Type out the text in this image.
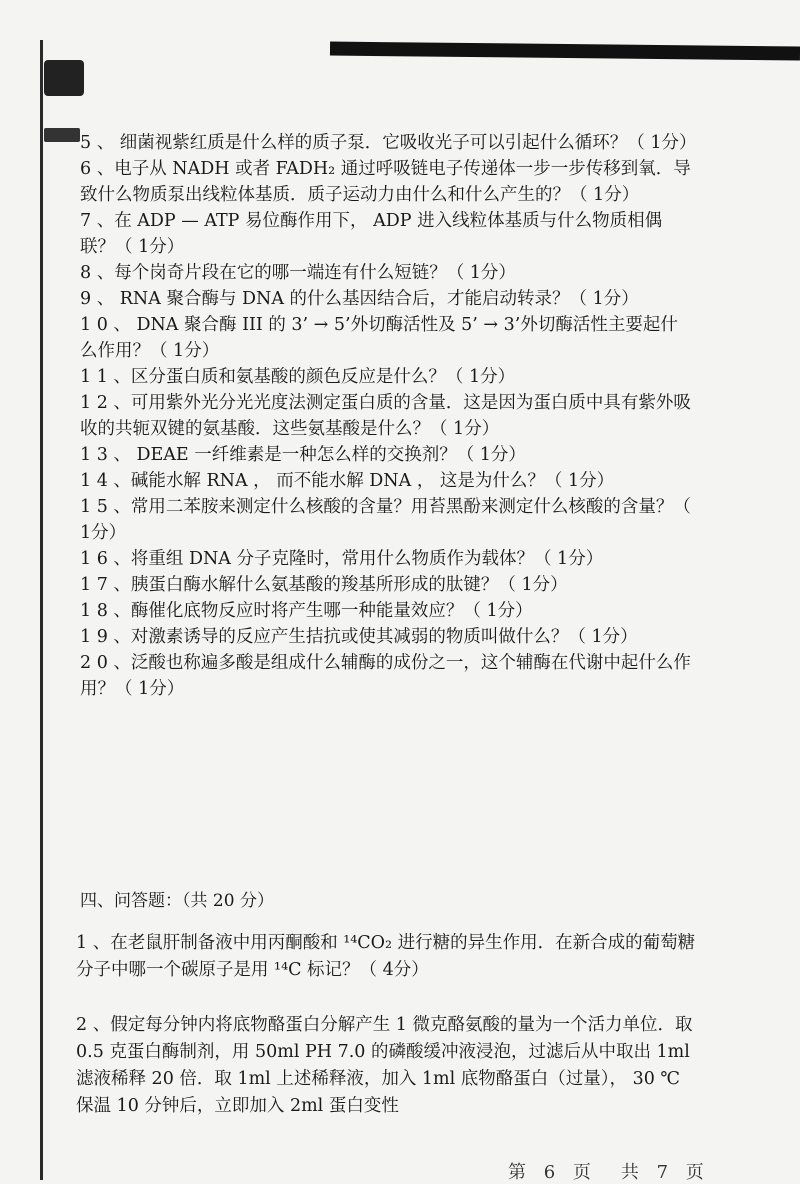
5 、 细菌视紫红质是什么样的质子泵．它吸收光子可以引起什么循环？（ 1分）

6 、电子从 NADH 或者 FADH₂ 通过呼吸链电子传递体一步一步传移到氧．导致什么物质泵出线粒体基质．质子运动力由什么和什么产生的？（ 1分）

7 、在 ADP — ATP 易位酶作用下， ADP 进入线粒体基质与什么物质相偶联？（ 1分）

8 、每个岗奇片段在它的哪一端连有什么短链？（ 1分）

9 、 RNA 聚合酶与 DNA 的什么基因结合后，才能启动转录？（ 1分）

1 0 、 DNA 聚合酶 III 的 3’ → 5’外切酶活性及 5’ → 3’外切酶活性主要起什么作用？（ 1分）

1 1 、区分蛋白质和氨基酸的颜色反应是什么？（ 1分）

1 2 、可用紫外光分光光度法测定蛋白质的含量．这是因为蛋白质中具有紫外吸收的共轭双键的氨基酸．这些氨基酸是什么？（ 1分）

1 3 、 DEAE 一纤维素是一种怎么样的交换剂？（ 1分）

1 4 、碱能水解 RNA ， 而不能水解 DNA ， 这是为什么？（ 1分）

1 5 、常用二苯胺来测定什么核酸的含量？用苔黑酚来测定什么核酸的含量？（ 1分）

1 6 、将重组 DNA 分子克隆时，常用什么物质作为载体？（ 1分）

1 7 、胰蛋白酶水解什么氨基酸的羧基所形成的肽键？（ 1分）

1 8 、酶催化底物反应时将产生哪一种能量效应？（ 1分）

1 9 、对激素诱导的反应产生拮抗或使其减弱的物质叫做什么？（ 1分）

2 0 、泛酸也称遍多酸是组成什么辅酶的成份之一，这个辅酶在代谢中起什么作用？（ 1分）

四、问答题：（共 20 分）
1 、在老鼠肝制备液中用丙酮酸和 ¹⁴CO₂ 进行糖的异生作用．在新合成的葡萄糖分子中哪一个碳原子是用 ¹⁴C 标记？（ 4分）
2 、假定每分钟内将底物酪蛋白分解产生 1 微克酪氨酸的量为一个活力单位．取 0.5 克蛋白酶制剂，用 50ml PH 7.0 的磷酸缓冲液浸泡，过滤后从中取出 1ml 滤液稀释 20 倍．取 1ml 上述稀释液，加入 1ml 底物酪蛋白（过量）， 30 ℃保温 10 分钟后，立即加入 2ml 蛋白变性
第 6 页　共 7 页
